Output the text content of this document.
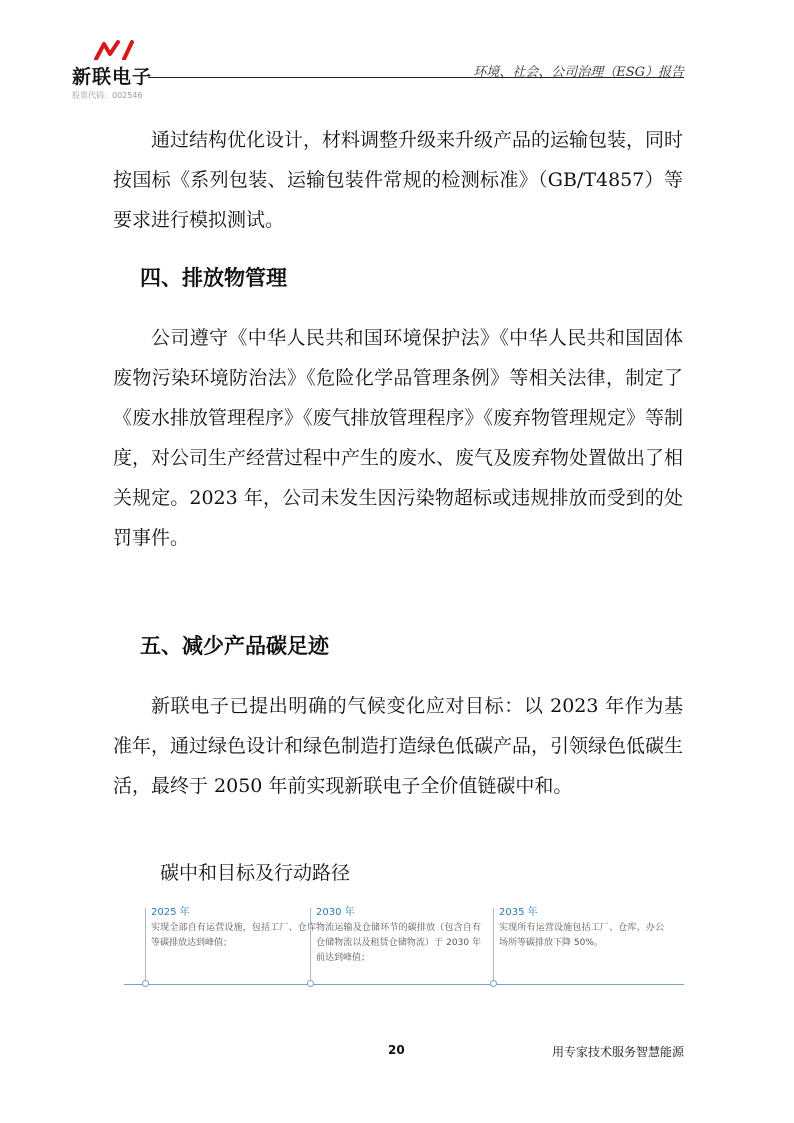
新联电子
股票代码：002546
环境、社会、公司治理（ESG）报告

通过结构优化设计，材料调整升级来升级产品的运输包装，同时按国标《系列包装、运输包装件常规的检测标准》（GB/T4857）等要求进行模拟测试。

四、排放物管理

公司遵守《中华人民共和国环境保护法》《中华人民共和国固体废物污染环境防治法》《危险化学品管理条例》等相关法律，制定了《废水排放管理程序》《废气排放管理程序》《废弃物管理规定》等制度，对公司生产经营过程中产生的废水、废气及废弃物处置做出了相关规定。2023 年，公司未发生因污染物超标或违规排放而受到的处罚事件。

五、减少产品碳足迹

新联电子已提出明确的气候变化应对目标：以 2023 年作为基准年，通过绿色设计和绿色制造打造绿色低碳产品，引领绿色低碳生活，最终于 2050 年前实现新联电子全价值链碳中和。

碳中和目标及行动路径

2025 年
实现全部自有运营设施，包括工厂、仓库等碳排放达到峰值；
2030 年
物流运输及仓储环节的碳排放（包含自有仓储物流以及租赁仓储物流）于 2030 年前达到峰值；
2035 年
实现所有运营设施包括工厂、仓库、办公场所等碳排放下降 50%。
20	用专家技术服务智慧能源
